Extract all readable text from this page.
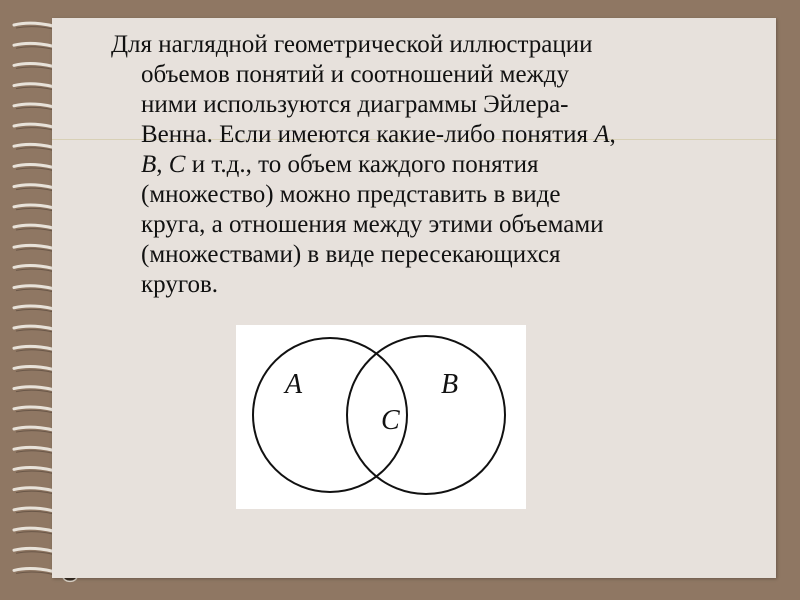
Для наглядной геометрической иллюстрации
объемов понятий и соотношений между
ними используются диаграммы Эйлера-
Венна. Если имеются какие-либо понятия A,
B, C и т.д., то объем каждого понятия
(множество) можно представить в виде
круга, а отношения между этими объемами
(множествами) в виде пересекающихся
кругов.

A	B
C
